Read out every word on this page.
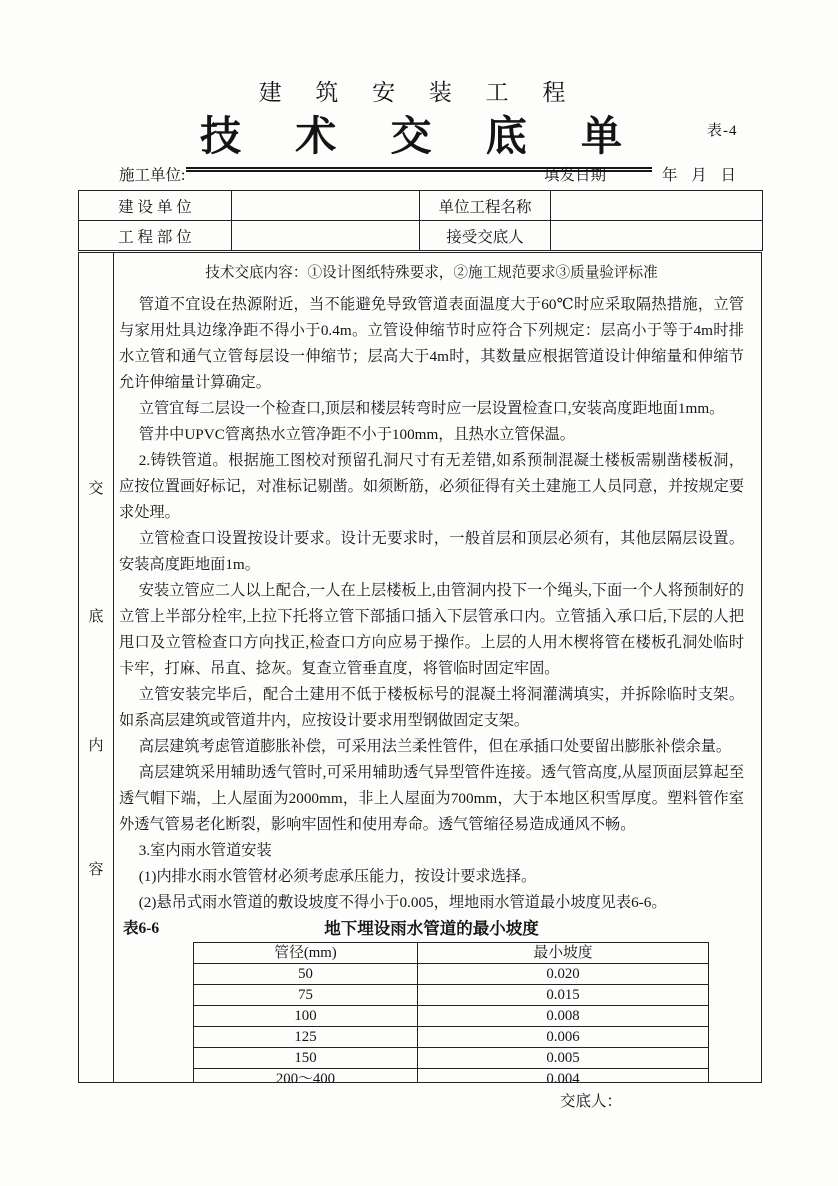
建 筑 安 装 工 程
技 术 交 底 单	表-4
施工单位:	填发日期	年  月  日
建 设 单 位		单位工程名称	
工 程 部 位		接受交底人	
交
底
内
容
技术交底内容：①设计图纸特殊要求，②施工规范要求③质量验评标准

管道不宜设在热源附近，当不能避免导致管道表面温度大于60℃时应采取隔热措施，立管与家用灶具边缘净距不得小于0.4m。立管设伸缩节时应符合下列规定：层高小于等于4m时排水立管和通气立管每层设一伸缩节；层高大于4m时，其数量应根据管道设计伸缩量和伸缩节允许伸缩量计算确定。

立管宜每二层设一个检查口,顶层和楼层转弯时应一层设置检查口,安装高度距地面1mm。

管井中UPVC管离热水立管净距不小于100mm，且热水立管保温。

2.铸铁管道。根据施工图校对预留孔洞尺寸有无差错,如系预制混凝土楼板需剔凿楼板洞，应按位置画好标记，对准标记剔凿。如须断筋，必须征得有关土建施工人员同意，并按规定要求处理。

立管检查口设置按设计要求。设计无要求时，一般首层和顶层必须有，其他层隔层设置。安装高度距地面1m。

安装立管应二人以上配合,一人在上层楼板上,由管洞内投下一个绳头,下面一个人将预制好的立管上半部分栓牢,上拉下托将立管下部插口插入下层管承口内。立管插入承口后,下层的人把甩口及立管检查口方向找正,检查口方向应易于操作。上层的人用木楔将管在楼板孔洞处临时卡牢，打麻、吊直、捻灰。复查立管垂直度，将管临时固定牢固。

立管安装完毕后，配合土建用不低于楼板标号的混凝土将洞灌满填实，并拆除临时支架。如系高层建筑或管道井内，应按设计要求用型钢做固定支架。

高层建筑考虑管道膨胀补偿，可采用法兰柔性管件，但在承插口处要留出膨胀补偿余量。

高层建筑采用辅助透气管时,可采用辅助透气异型管件连接。透气管高度,从屋顶面层算起至透气帽下端，上人屋面为2000mm，非上人屋面为700mm，大于本地区积雪厚度。塑料管作室外透气管易老化断裂，影响牢固性和使用寿命。透气管缩径易造成通风不畅。

3.室内雨水管道安装

(1)内排水雨水管管材必须考虑承压能力，按设计要求选择。

(2)悬吊式雨水管道的敷设坡度不得小于0.005，埋地雨水管道最小坡度见表6-6。

表6-6	地下埋设雨水管道的最小坡度
管径(mm)	最小坡度
50	0.020
75	0.015
100	0.008
125	0.006
150	0.005
200～400	0.004

交底人：
